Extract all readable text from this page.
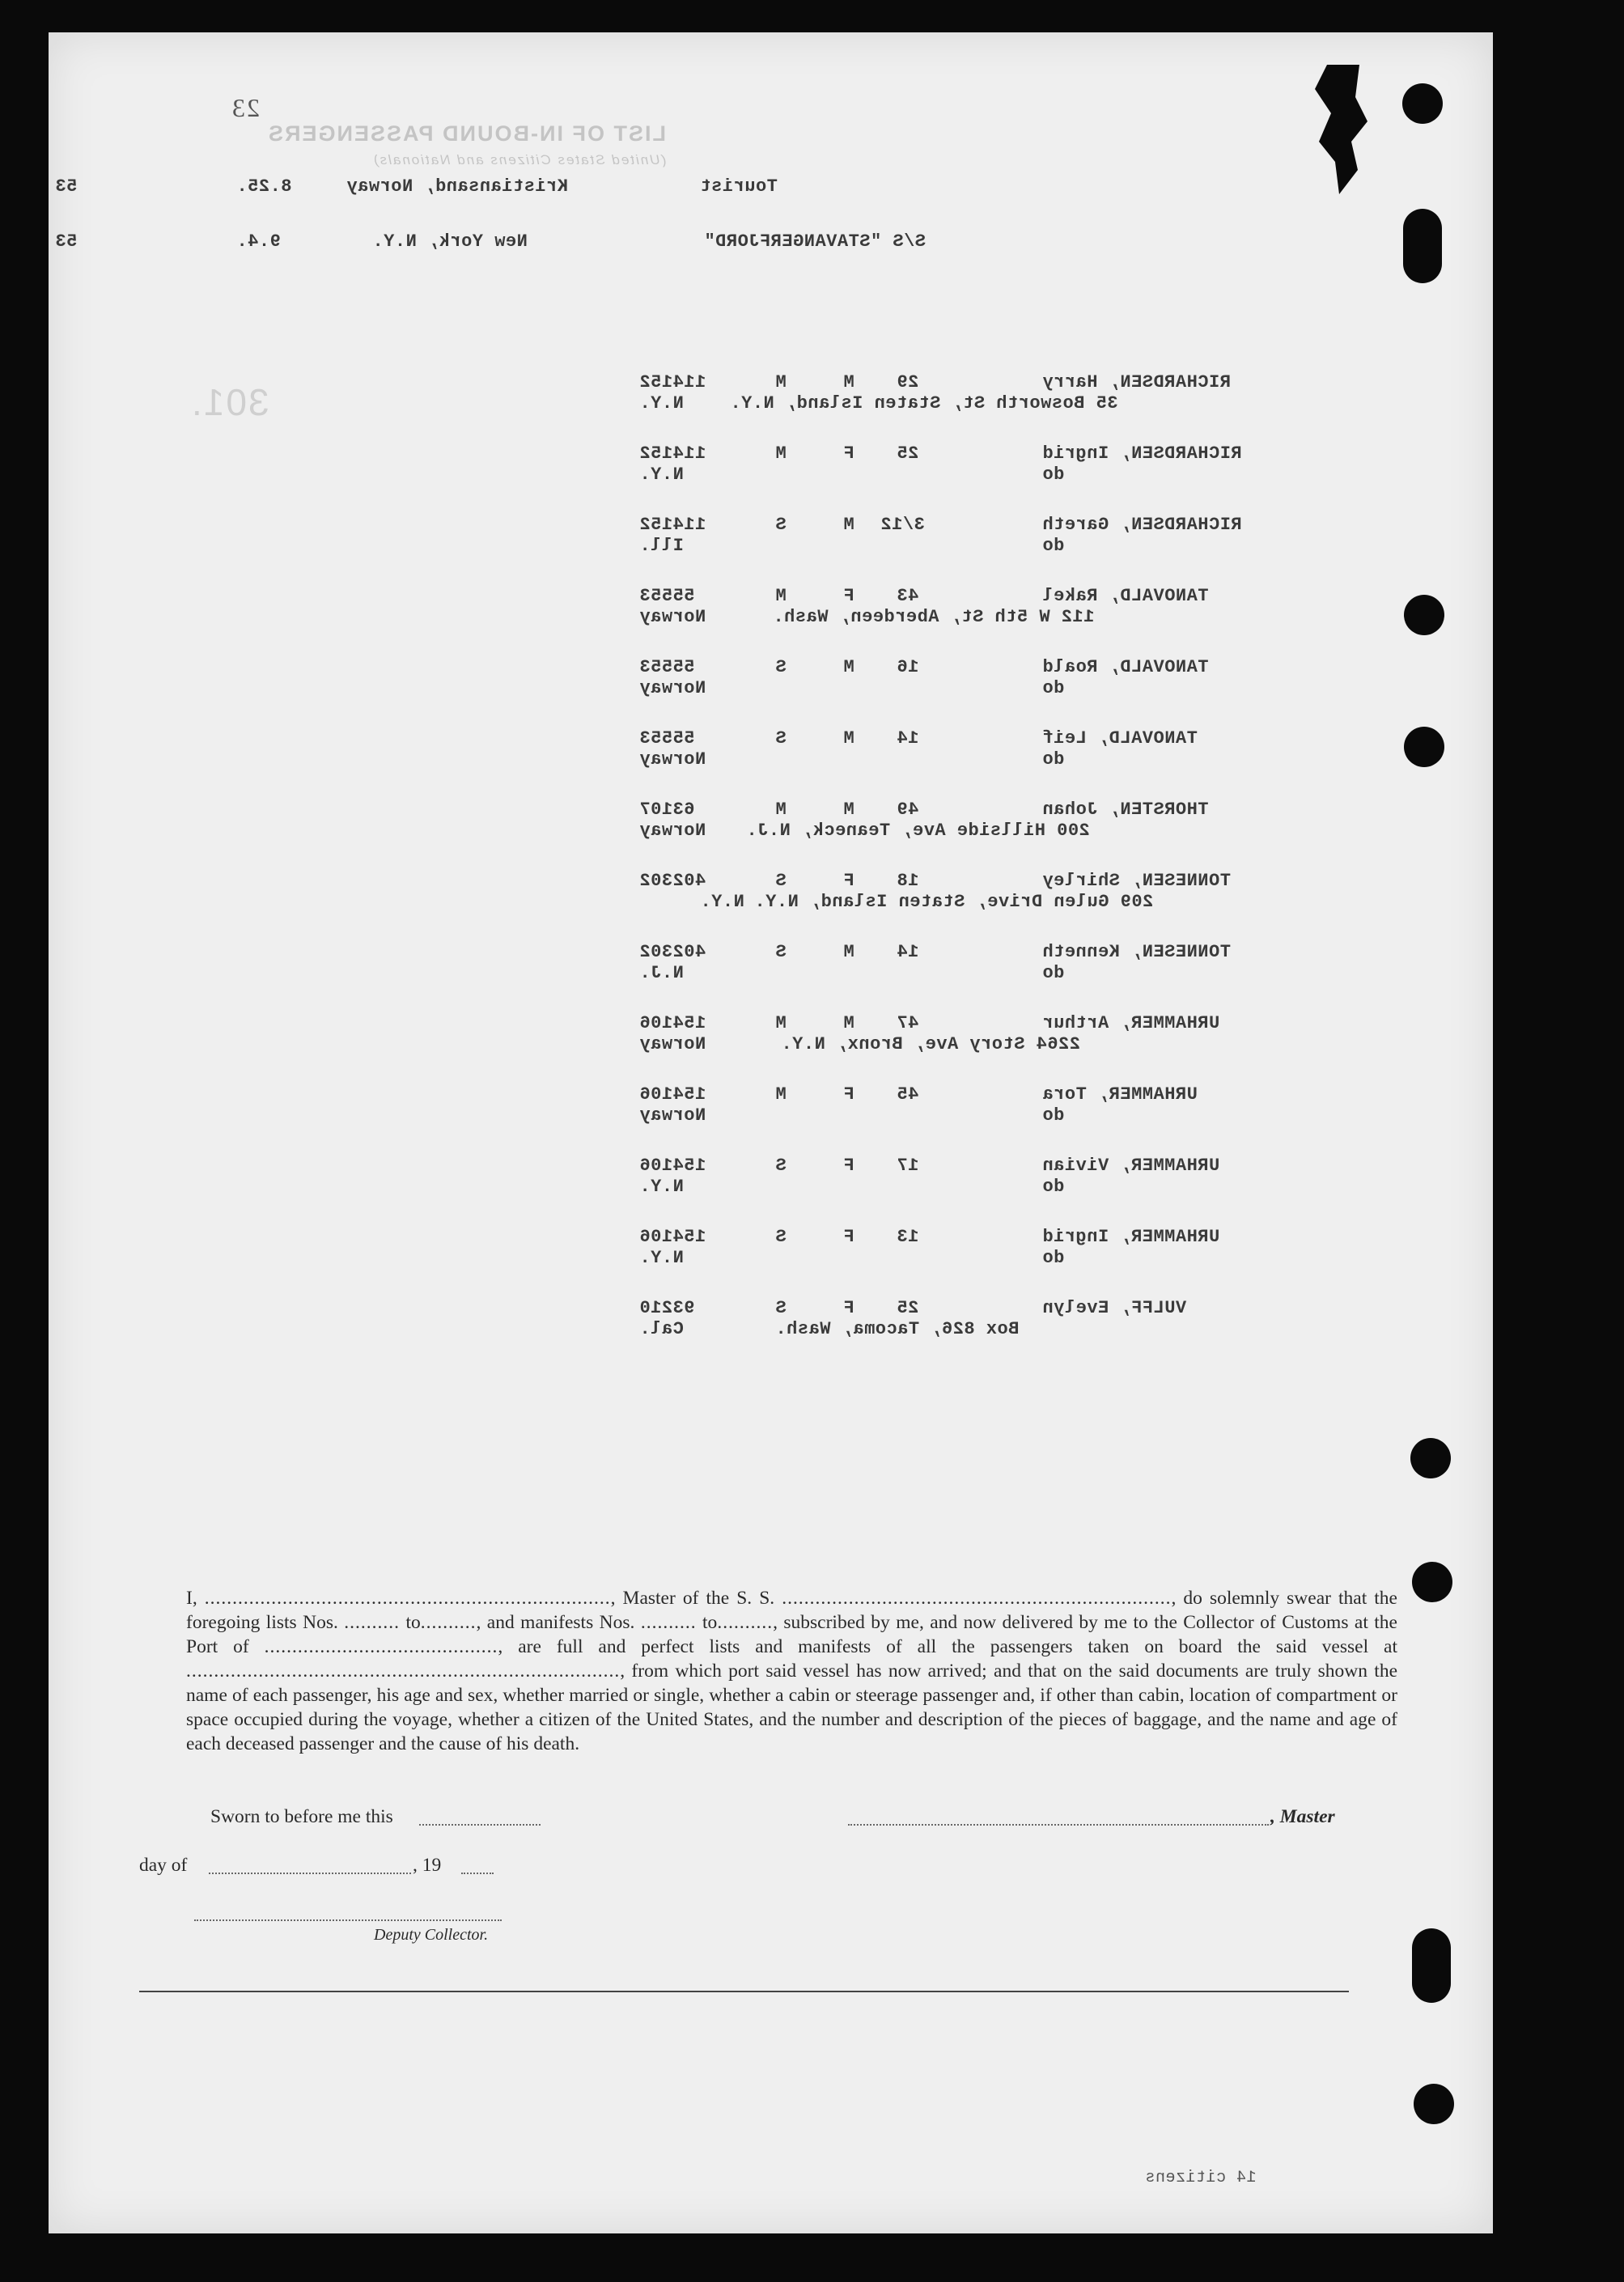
23
LIST OF IN-BOUND PASSENGERS
(United States Citizens and Nationals)
301.
53	8.25.	Kristiansand, Norway	Tourist
53	9.4.	New York, N.Y.	S/S "STAVANGERFJORD"
114152	M	M 29	RICHARDSEN, Harry
N.Y.	35 Bosworth St, Staten Island, N.Y.
114152	M	F 25	RICHARDSEN, Ingrid
N.Y.	do
114152	S	M 3/12	RICHARDSEN, Gareth
Ill.	do
55553	M	F 43	TANOVALD, Rakel
Norway	112 W 5th St, Aberdeen, Wash.
55553	S	M 16	TANOVALD, Roald
Norway	do
55553	S	M 14	TANOVALD, Leif
Norway	do
63107	M	M 49	THORSTEN, Johan
Norway 200 Hillside Ave, Teaneck, N.J.
402302	S	F 18	TONNESEN, Shirley
N.Y. 209 Gulen Drive, Staten Island, N.Y.
402302	S	M 14	TONNESEN, Kenneth
N.J.	do
154106	M	M 47	URHAMMER, Arthur
Norway	2264 Story Ave, Bronx, N.Y.
154106	M	F 45	URHAMMER, Tora
Norway	do
154106	S	F 17	URHAMMER, Vivian
N.Y.	do
154106	S	F 13	URHAMMER, Ingrid
N.Y.	do
93210	S	F 25	VULFF, Evelyn
Cal.	Box 826, Tacoma, Wash.
I, ........................................................................., Master of the S. S. ......................................................................, do solemnly swear that the foregoing lists Nos. .......... to.........., and manifests Nos. .......... to.........., subscribed by me, and now delivered by me to the Collector of Customs at the Port of .........................................., are full and perfect lists and manifests of all the passengers taken on board the said vessel at .............................................................................., from which port said vessel has now arrived; and that on the said documents are truly shown the name of each passenger, his age and sex, whether married or single, whether a cabin or steerage passenger and, if other than cabin, location of compartment or space occupied during the voyage, whether a citizen of the United States, and the number and description of the pieces of baggage, and the name and age of each deceased passenger and the cause of his death.
Sworn to before me this	, Master
day of	, 19
Deputy Collector.
14 citizens
